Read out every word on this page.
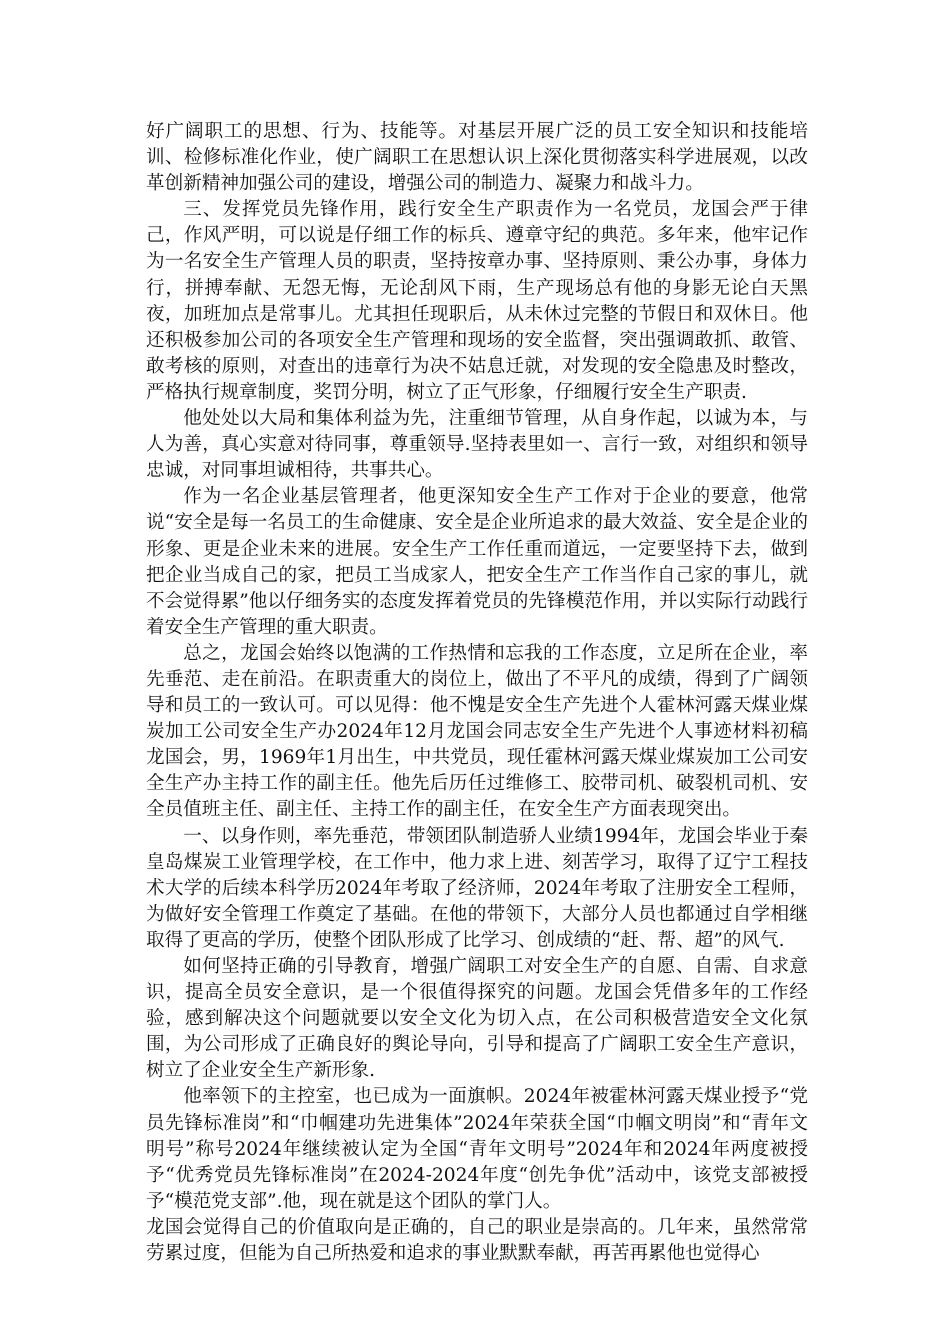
好广阔职工的思想、行为、技能等。对基层开展广泛的员工安全知识和技能培训、检修标准化作业，使广阔职工在思想认识上深化贯彻落实科学进展观，以改革创新精神加强公司的建设，增强公司的制造力、凝聚力和战斗力。

三、发挥党员先锋作用，践行安全生产职责作为一名党员，龙国会严于律己，作风严明，可以说是仔细工作的标兵、遵章守纪的典范。多年来，他牢记作为一名安全生产管理人员的职责，坚持按章办事、坚持原则、秉公办事，身体力行，拼搏奉献、无怨无悔，无论刮风下雨，生产现场总有他的身影无论白天黑夜，加班加点是常事儿。尤其担任现职后，从未休过完整的节假日和双休日。他还积极参加公司的各项安全生产管理和现场的安全监督，突出强调敢抓、敢管、敢考核的原则，对查出的违章行为决不姑息迁就，对发现的安全隐患及时整改，严格执行规章制度，奖罚分明，树立了正气形象，仔细履行安全生产职责.

他处处以大局和集体利益为先，注重细节管理，从自身作起，以诚为本，与人为善，真心实意对待同事，尊重领导.坚持表里如一、言行一致，对组织和领导忠诚，对同事坦诚相待，共事共心。

作为一名企业基层管理者，他更深知安全生产工作对于企业的要意，他常说“安全是每一名员工的生命健康、安全是企业所追求的最大效益、安全是企业的形象、更是企业未来的进展。安全生产工作任重而道远，一定要坚持下去，做到把企业当成自己的家，把员工当成家人，把安全生产工作当作自己家的事儿，就不会觉得累”他以仔细务实的态度发挥着党员的先锋模范作用，并以实际行动践行着安全生产管理的重大职责。

总之，龙国会始终以饱满的工作热情和忘我的工作态度，立足所在企业，率先垂范、走在前沿。在职责重大的岗位上，做出了不平凡的成绩，得到了广阔领导和员工的一致认可。可以见得：他不愧是安全生产先进个人霍林河露天煤业煤炭加工公司安全生产办2024年12月龙国会同志安全生产先进个人事迹材料初稿龙国会，男，1969年1月出生，中共党员，现任霍林河露天煤业煤炭加工公司安全生产办主持工作的副主任。他先后历任过维修工、胶带司机、破裂机司机、安全员值班主任、副主任、主持工作的副主任，在安全生产方面表现突出。

一、以身作则，率先垂范，带领团队制造骄人业绩1994年，龙国会毕业于秦皇岛煤炭工业管理学校，在工作中，他力求上进、刻苦学习，取得了辽宁工程技术大学的后续本科学历2024年考取了经济师，2024年考取了注册安全工程师，为做好安全管理工作奠定了基础。在他的带领下，大部分人员也都通过自学相继取得了更高的学历，使整个团队形成了比学习、创成绩的“赶、帮、超”的风气.

如何坚持正确的引导教育，增强广阔职工对安全生产的自愿、自需、自求意识，提高全员安全意识，是一个很值得探究的问题。龙国会凭借多年的工作经验，感到解决这个问题就要以安全文化为切入点，在公司积极营造安全文化氛围，为公司形成了正确良好的舆论导向，引导和提高了广阔职工安全生产意识，树立了企业安全生产新形象.

他率领下的主控室，也已成为一面旗帜。2024年被霍林河露天煤业授予“党员先锋标准岗”和“巾帼建功先进集体”2024年荣获全国“巾帼文明岗”和“青年文明号”称号2024年继续被认定为全国“青年文明号”2024年和2024年两度被授予“优秀党员先锋标准岗”在2024-2024年度“创先争优”活动中，该党支部被授予“模范党支部”.他，现在就是这个团队的掌门人。

龙国会觉得自己的价值取向是正确的，自己的职业是崇高的。几年来，虽然常常劳累过度，但能为自己所热爱和追求的事业默默奉献，再苦再累他也觉得心
